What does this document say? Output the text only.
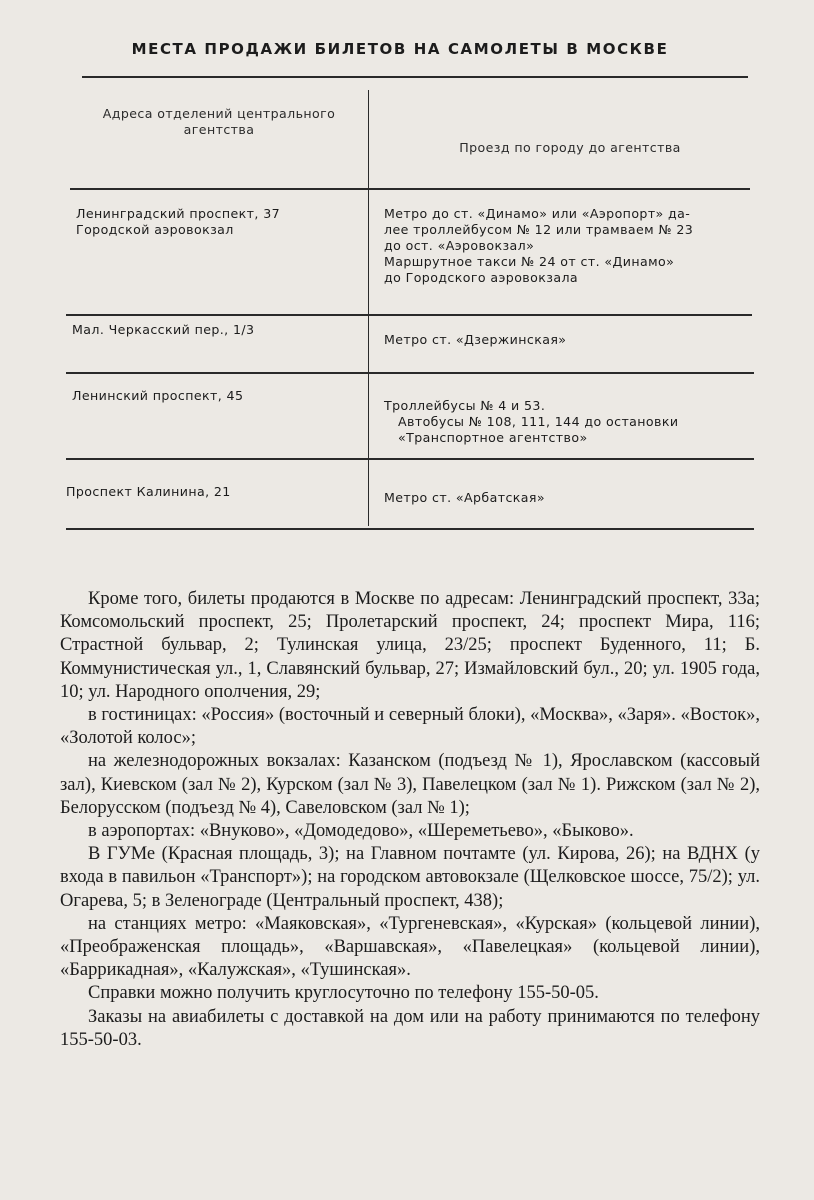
МЕСТА ПРОДАЖИ БИЛЕТОВ НА САМОЛЕТЫ В МОСКВЕ
Адреса отделений центрального агентства
Проезд по городу до агентства
Ленинградский проспект, 37
Городской аэровокзал
Метро до ст. «Динамо» или «Аэропорт» да-
лее троллейбусом № 12 или трамваем № 23
до ост. «Аэровокзал»
Маршрутное такси № 24 от ст. «Динамо»
до Городского аэровокзала
Мал. Черкасский пер., 1/3
Метро ст. «Дзержинская»
Ленинский проспект, 45
Троллейбусы № 4 и 53.
Автобусы № 108, 111, 144 до остановки
«Транспортное агентство»
Проспект Калинина, 21	Метро ст. «Арбатская»

Кроме того, билеты продаются в Москве по адресам: Ленинградский проспект, 33а; Комсомольский проспект, 25; Пролетарский проспект, 24; проспект Мира, 116; Страстной бульвар, 2; Тулинская улица, 23/25; проспект Буденного, 11; Б. Коммунистическая ул., 1, Славянский бульвар, 27; Измайловский бул., 20; ул. 1905 года, 10; ул. Народного ополчения, 29;

в гостиницах: «Россия» (восточный и северный блоки), «Москва», «Заря». «Восток», «Золотой колос»;

на железнодорожных вокзалах: Казанском (подъезд № 1), Ярославском (кассовый зал), Киевском (зал № 2), Курском (зал № 3), Павелецком (зал № 1). Рижском (зал № 2), Белорусском (подъезд № 4), Савеловском (зал № 1);

в аэропортах: «Внуково», «Домодедово», «Шереметьево», «Быково».

В ГУМе (Красная площадь, 3); на Главном почтамте (ул. Кирова, 26); на ВДНХ (у входа в павильон «Транспорт»); на городском автовокзале (Щелковское шоссе, 75/2); ул. Огарева, 5; в Зеленограде (Центральный проспект, 438);

на станциях метро: «Маяковская», «Тургеневская», «Курская» (кольцевой линии), «Преображенская площадь», «Варшавская», «Павелецкая» (кольцевой линии), «Баррикадная», «Калужская», «Тушинская».

Справки можно получить круглосуточно по телефону 155-50-05.

Заказы на авиабилеты с доставкой на дом или на работу принимаются по телефону 155-50-03.
